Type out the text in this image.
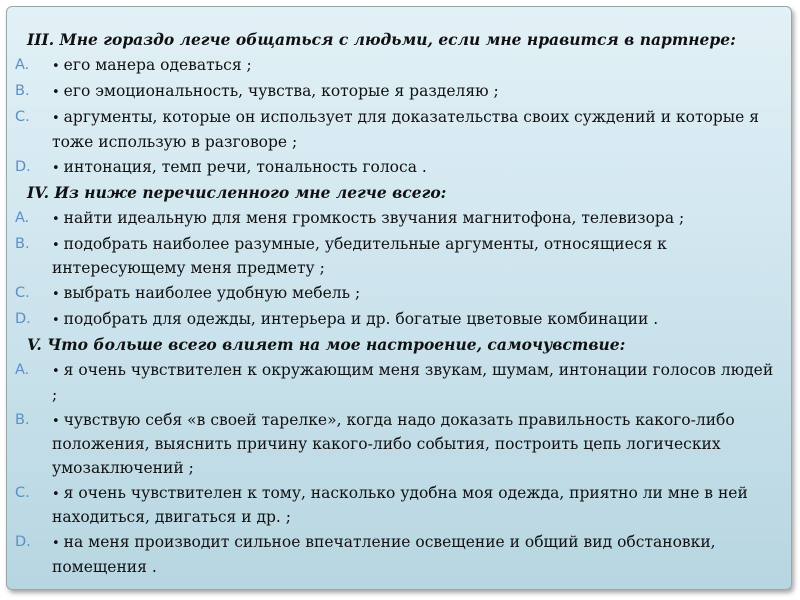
III. Мне гораздо легче общаться с людьми, если мне нравится в партнере:
A.	• его манера одеваться ;
B.	• его эмоциональность, чувства, которые я разделяю ;
C.	• аргументы, которые он использует для доказательства своих суждений и которые я тоже использую в разговоре ;
D.	• интонация, темп речи, тональность голоса .
IV. Из ниже перечисленного мне легче всего:
A.	• найти идеальную для меня громкость звучания магнитофона, телевизора ;
B.	• подобрать наиболее разумные, убедительные аргументы, относящиеся к интересующему меня предмету ;
C.	• выбрать наиболее удобную мебель ;
D.	• подобрать для одежды, интерьера и др. богатые цветовые комбинации .
V. Что больше всего влияет на мое настроение, самочувствие:
A.	• я очень чувствителен к окружающим меня звукам, шумам, интонации голосов людей ;
B.	• чувствую себя «в своей тарелке», когда надо доказать правильность какого-либо положения, выяснить причину какого-либо события, построить цепь логических умозаключений ;
C.	• я очень чувствителен к тому, насколько удобна моя одежда, приятно ли мне в ней находиться, двигаться и др. ;
D.	• на меня производит сильное впечатление освещение и общий вид обстановки, помещения .
